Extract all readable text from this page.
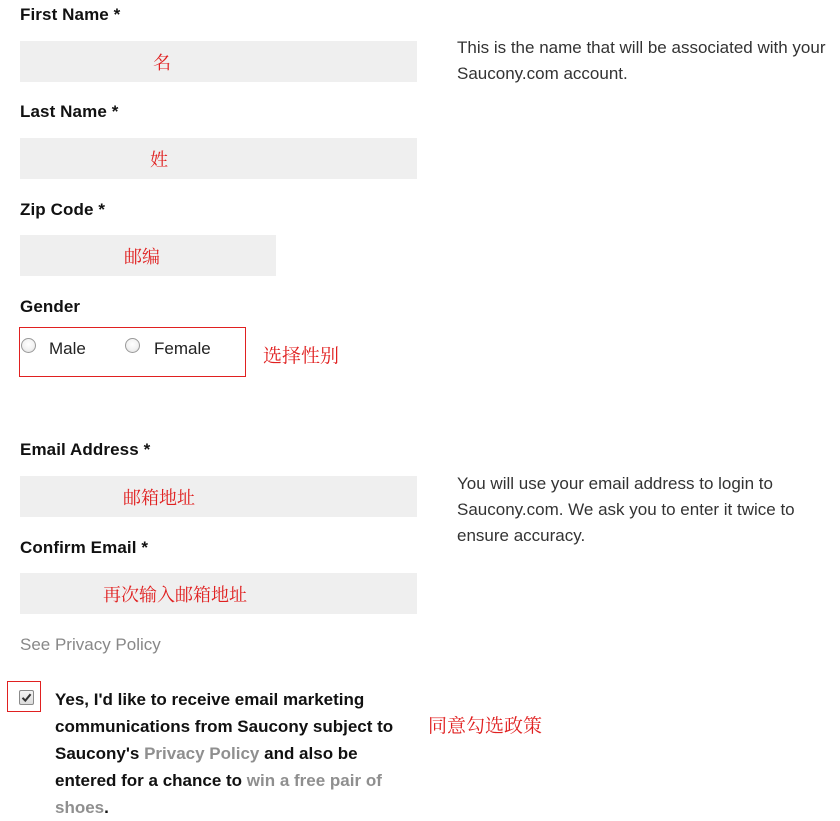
First Name *
名
This is the name that will be associated with your Saucony.com account.
Last Name *
姓
Zip Code *
邮编
Gender
Male	Female	选择性别
Email Address *
邮箱地址
You will use your email address to login to Saucony.com. We ask you to enter it twice to ensure accuracy.
Confirm Email *
再次输入邮箱地址
See Privacy Policy
Yes, I'd like to receive email marketing communications from Saucony subject to Saucony's Privacy Policy and also be entered for a chance to win a free pair of shoes.
同意勾选政策
